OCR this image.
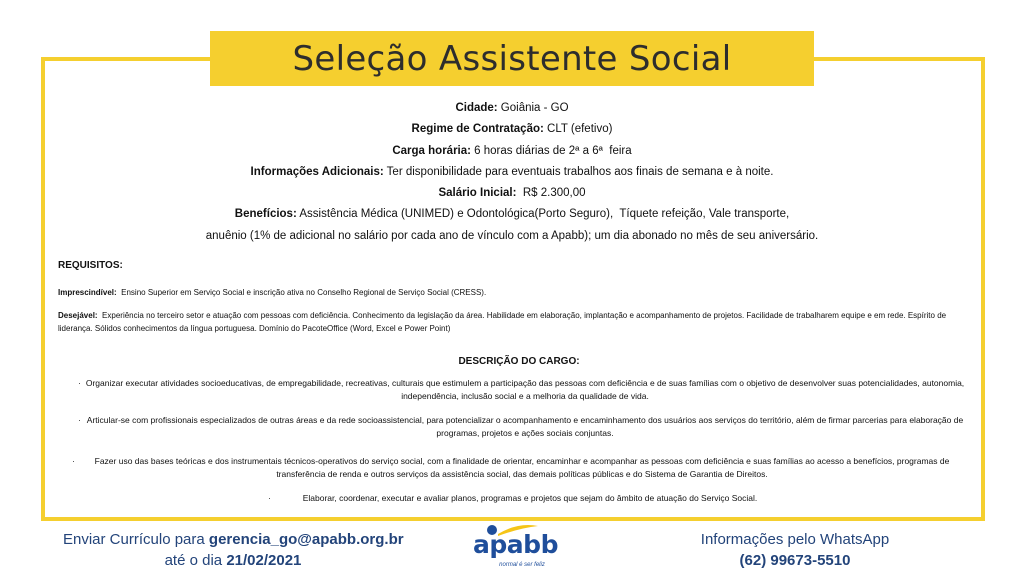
Seleção Assistente Social
Cidade: Goiânia - GO
Regime de Contratação: CLT (efetivo)
Carga horária: 6 horas diárias de 2ª a 6ª  feira
Informações Adicionais: Ter disponibilidade para eventuais trabalhos aos finais de semana e à noite.
Salário Inicial:  R$ 2.300,00
Benefícios: Assistência Médica (UNIMED) e Odontológica(Porto Seguro),  Tíquete refeição, Vale transporte,
anuênio (1% de adicional no salário por cada ano de vínculo com a Apabb); um dia abonado no mês de seu aniversário.
REQUISITOS:
Imprescindível:  Ensino Superior em Serviço Social e inscrição ativa no Conselho Regional de Serviço Social (CRESS).
Desejável:  Experiência no terceiro setor e atuação com pessoas com deficiência. Conhecimento da legislação da área. Habilidade em elaboração, implantação e acompanhamento de projetos. Facilidade de trabalharem equipe e em rede. Espírito de liderança. Sólidos conhecimentos da língua portuguesa. Domínio do PacoteOffice (Word, Excel e Power Point)
DESCRIÇÃO DO CARGO:
· Organizar executar atividades socioeducativas, de empregabilidade, recreativas, culturais que estimulem a participação das pessoas com deficiência e de suas famílias com o objetivo de desenvolver suas potencialidades, autonomia, independência, inclusão social e a melhoria da qualidade de vida.
· Articular-se com profissionais especializados de outras áreas e da rede socioassistencial, para potencializar o acompanhamento e encaminhamento dos usuários aos serviços do território, além de firmar parcerias para elaboração de programas, projetos e ações sociais conjuntas.
· Fazer uso das bases teóricas e dos instrumentais técnicos-operativos do serviço social, com a finalidade de orientar, encaminhar e acompanhar as pessoas com deficiência e suas famílias ao acesso a benefícios, programas de transferência de renda e outros serviços da assistência social, das demais políticas públicas e do Sistema de Garantia de Direitos.
·	Elaborar, coordenar, executar e avaliar planos, programas e projetos que sejam do âmbito de atuação do Serviço Social.
Enviar Currículo para gerencia_go@apabb.org.br
até o dia 21/02/2021
apabb
normal é ser feliz
Informações pelo WhatsApp
(62) 99673-5510
